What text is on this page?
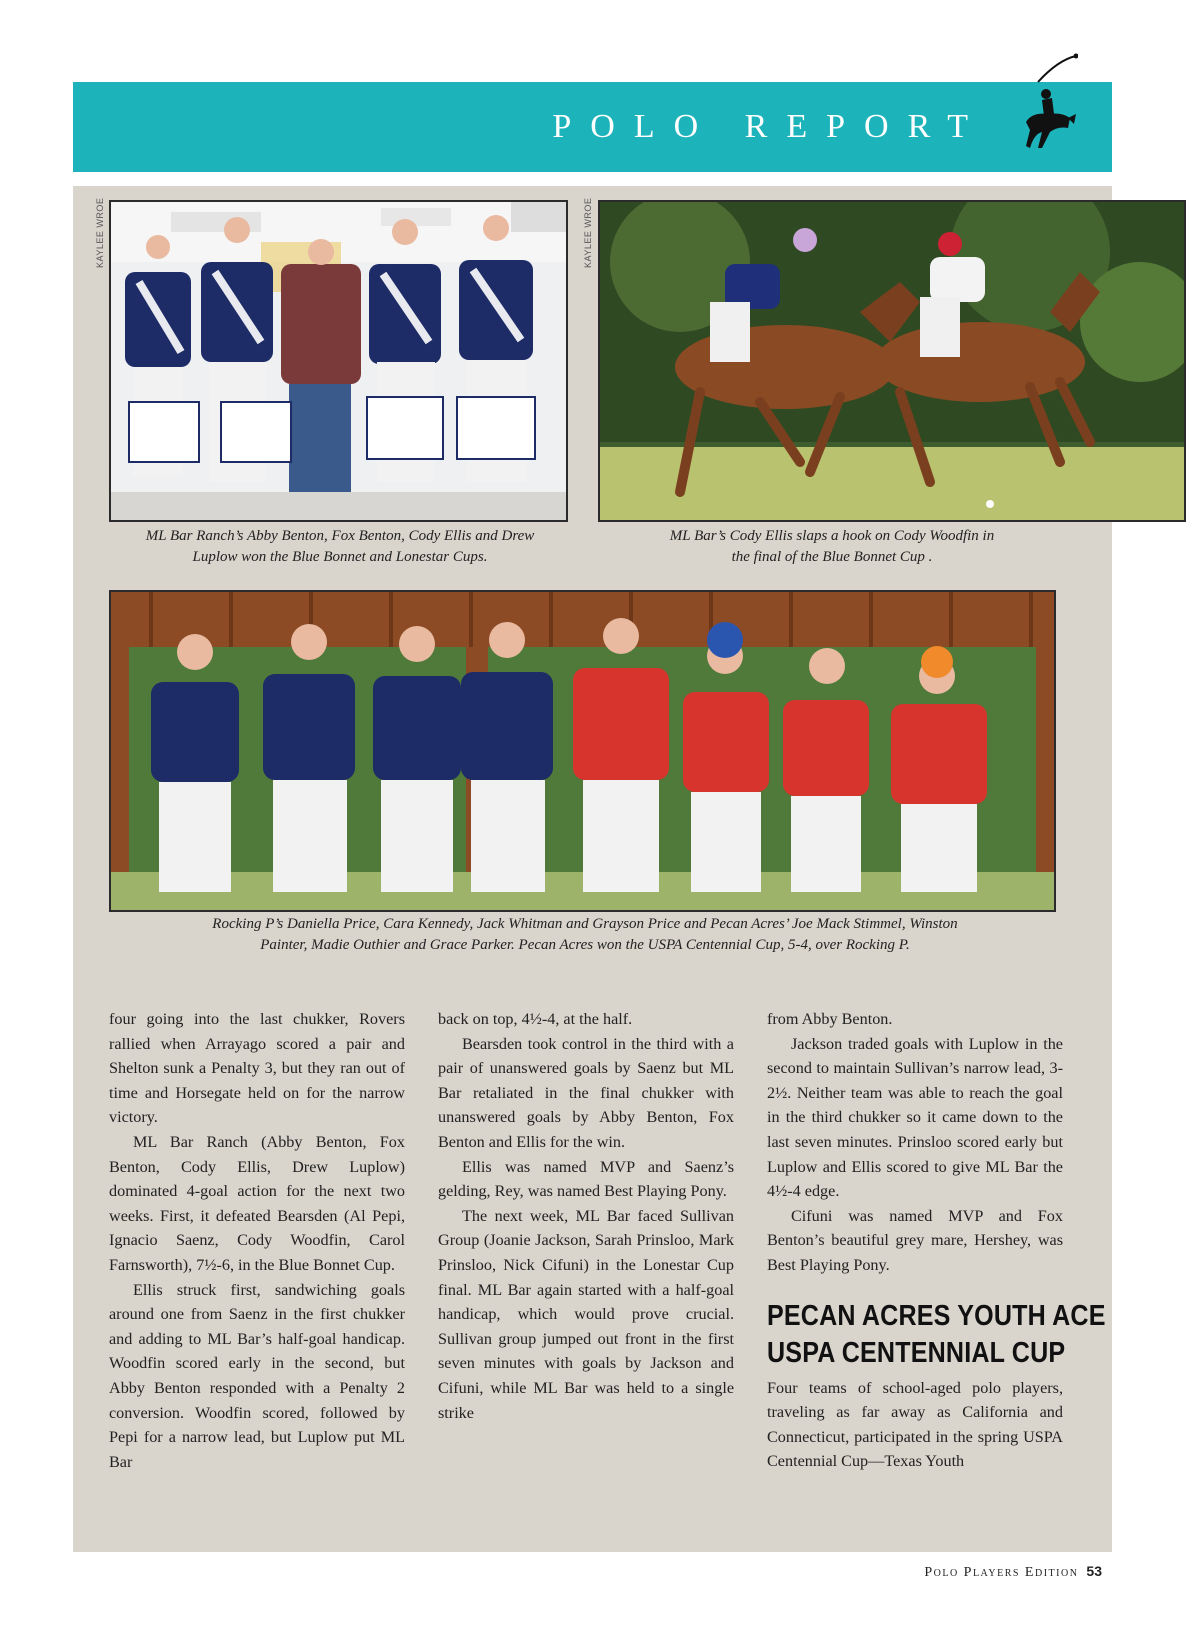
POLO REPORT
KAYLEE WROE	KAYLEE WROE
ML Bar Ranch’s Abby Benton, Fox Benton, Cody Ellis and Drew Luplow won the Blue Bonnet and Lonestar Cups.
ML Bar’s Cody Ellis slaps a hook on Cody Woodfin in the final of the Blue Bonnet Cup .
Rocking P’s Daniella Price, Cara Kennedy, Jack Whitman and Grayson Price and Pecan Acres’ Joe Mack Stimmel, Winston Painter, Madie Outhier and Grace Parker. Pecan Acres won the USPA Centennial Cup, 5-4, over Rocking P.

four going into the last chukker, Rovers rallied when Arrayago scored a pair and Shelton sunk a Penalty 3, but they ran out of time and Horsegate held on for the narrow victory.

ML Bar Ranch (Abby Benton, Fox Benton, Cody Ellis, Drew Luplow) dominated 4-goal action for the next two weeks. First, it defeated Bearsden (Al Pepi, Ignacio Saenz, Cody Woodfin, Carol Farnsworth), 7½-6, in the Blue Bonnet Cup.

Ellis struck first, sandwiching goals around one from Saenz in the first chukker and adding to ML Bar’s half-goal handicap. Woodfin scored early in the second, but Abby Benton responded with a Penalty 2 conversion. Woodfin scored, followed by Pepi for a narrow lead, but Luplow put ML Bar

back on top, 4½-4, at the half.

Bearsden took control in the third with a pair of unanswered goals by Saenz but ML Bar retaliated in the final chukker with unanswered goals by Abby Benton, Fox Benton and Ellis for the win.

Ellis was named MVP and Saenz’s gelding, Rey, was named Best Playing Pony.

The next week, ML Bar faced Sullivan Group (Joanie Jackson, Sarah Prinsloo, Mark Prinsloo, Nick Cifuni) in the Lonestar Cup final. ML Bar again started with a half-goal handicap, which would prove crucial. Sullivan group jumped out front in the first seven minutes with goals by Jackson and Cifuni, while ML Bar was held to a single strike

from Abby Benton.

Jackson traded goals with Luplow in the second to maintain Sullivan’s narrow lead, 3-2½. Neither team was able to reach the goal in the third chukker so it came down to the last seven minutes. Prinsloo scored early but Luplow and Ellis scored to give ML Bar the 4½-4 edge.

Cifuni was named MVP and Fox Benton’s beautiful grey mare, Hershey, was Best Playing Pony.

PECAN ACRES YOUTH ACE
USPA CENTENNIAL CUP

Four teams of school-aged polo players, traveling as far away as California and Connecticut, participated in the spring USPA Centennial Cup—Texas Youth

Polo Players Edition 53
